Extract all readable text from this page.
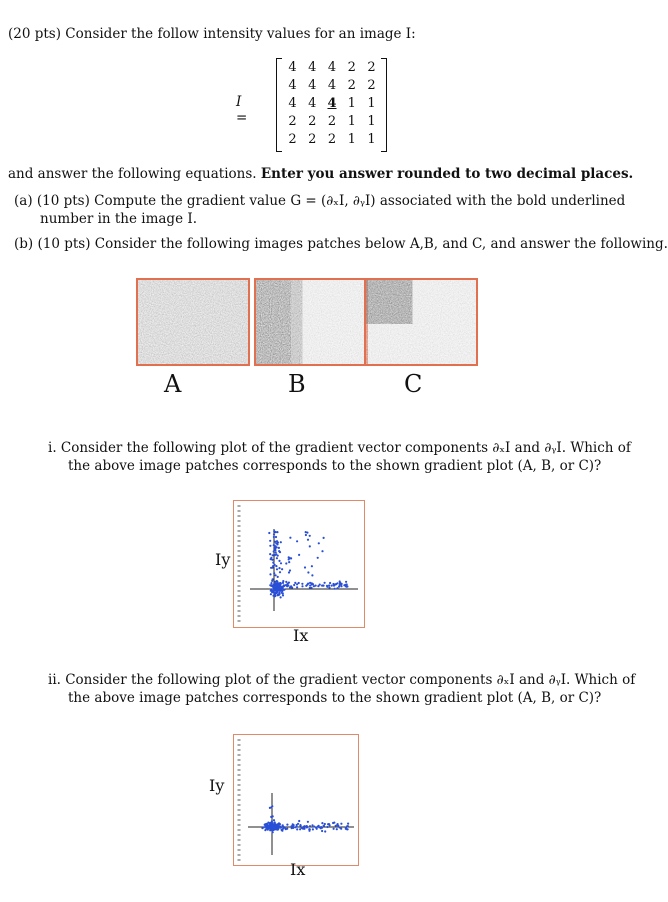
(20 pts) Consider the follow intensity values for an image I:
I =
4 4 4 2 2
4 4 4 2 2
4 4 4 1 1
2 2 2 1 1
2 2 2 1 1
and answer the following equations. Enter you answer rounded to two decimal places.
(a) (10 pts) Compute the gradient value G = (∂ₓI, ∂ᵧI) associated with the bold underlined
number in the image I.
(b) (10 pts) Consider the following images patches below A,B, and C, and answer the following.
A	B	C
i. Consider the following plot of the gradient vector components ∂ₓI and ∂ᵧI. Which of
the above image patches corresponds to the shown gradient plot (A, B, or C)?
Iy
Ix
ii. Consider the following plot of the gradient vector components ∂ₓI and ∂ᵧI. Which of
the above image patches corresponds to the shown gradient plot (A, B, or C)?
Iy
Ix
